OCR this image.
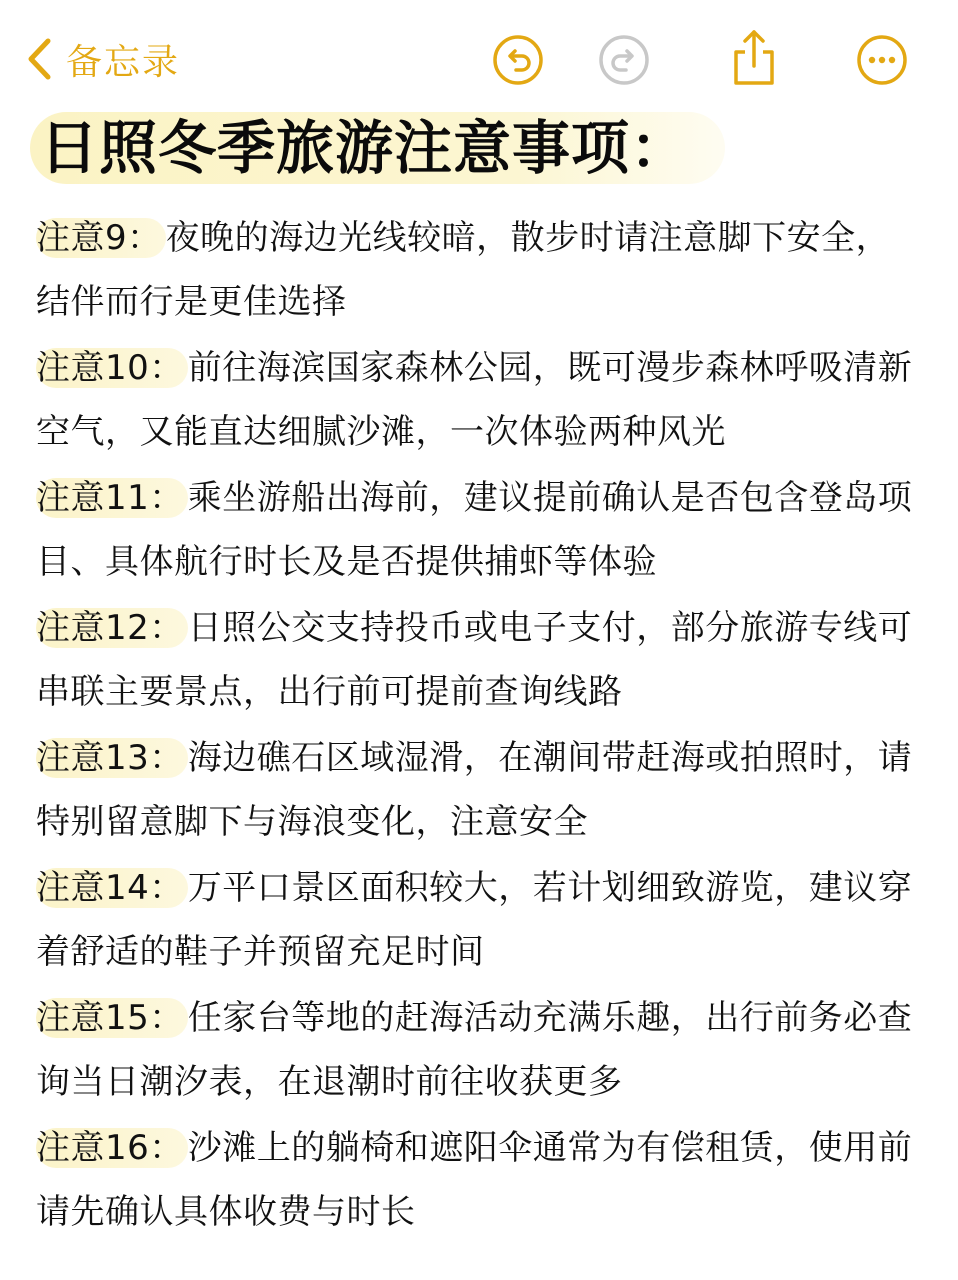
备忘录
日照冬季旅游注意事项：
注意9： 夜晚的海边光线较暗，散步时请注意脚下安全，结伴而行是更佳选择
注意10： 前往海滨国家森林公园，既可漫步森林呼吸清新空气，又能直达细腻沙滩，一次体验两种风光
注意11： 乘坐游船出海前，建议提前确认是否包含登岛项目、具体航行时长及是否提供捕虾等体验
注意12： 日照公交支持投币或电子支付，部分旅游专线可串联主要景点，出行前可提前查询线路
注意13： 海边礁石区域湿滑，在潮间带赶海或拍照时，请特别留意脚下与海浪变化，注意安全
注意14： 万平口景区面积较大，若计划细致游览，建议穿着舒适的鞋子并预留充足时间
注意15： 任家台等地的赶海活动充满乐趣，出行前务必查询当日潮汐表，在退潮时前往收获更多
注意16： 沙滩上的躺椅和遮阳伞通常为有偿租赁，使用前请先确认具体收费与时长
